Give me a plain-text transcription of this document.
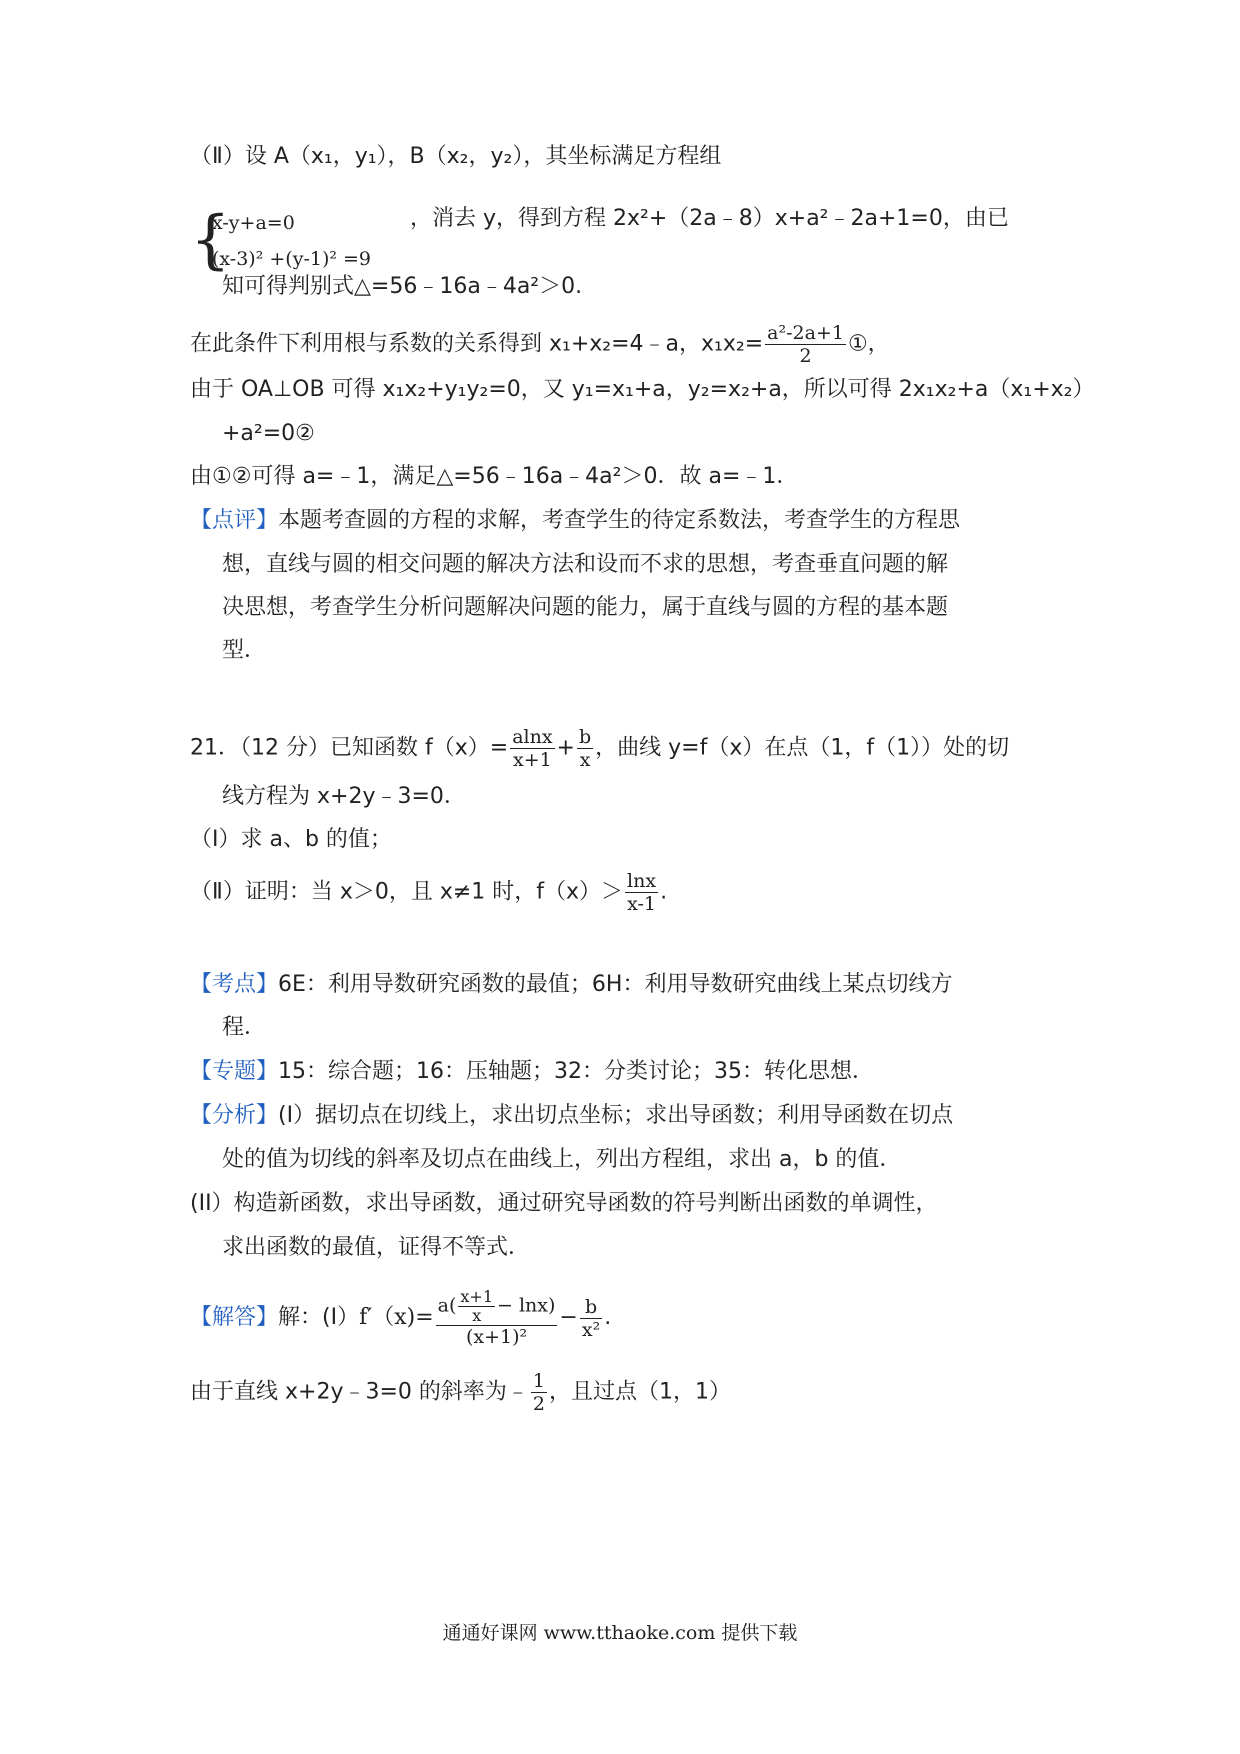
（Ⅱ）设 A（x₁，y₁），B（x₂，y₂），其坐标满足方程组
{
x-y+a=0
(x-3)² +(y-1)² =9
，消去 y，得到方程 2x²+（2a﹣8）x+a²﹣2a+1=0，由已
知可得判别式△=56﹣16a﹣4a²＞0.
在此条件下利用根与系数的关系得到 x₁+x₂=4﹣a，$x_1x_2= \frac{\text{a²-2a+1}}{2}$ ①，
由于 OA⊥OB 可得 x₁x₂+y₁y₂=0，又 y₁=x₁+a，y₂=x₂+a，所以可得 2x₁x₂+a（x₁+x₂）
+a²=0②
由①②可得 a=﹣1，满足△=56﹣16a﹣4a²＞0．故 a=﹣1．
【点评】本题考查圆的方程的求解，考查学生的待定系数法，考查学生的方程思
想，直线与圆的相交问题的解决方法和设而不求的思想，考查垂直问题的解
决思想，考查学生分析问题解决问题的能力，属于直线与圆的方程的基本题
型．
21．（12 分）已知函数 $f(x)= \frac{alnx}{x+1} + \frac{b}{x}$ ，曲线 y=f（x）在点（1，f（1））处的切
线方程为 x+2y﹣3=0．
（Ⅰ）求 a、b 的值；
（Ⅱ）证明：当 x＞0，且 x≠1 时，$f(x)> \frac{\ln x}{x-1}$ .
【考点】6E：利用导数研究函数的最值；6H：利用导数研究曲线上某点切线方
程．
【专题】15：综合题；16：压轴题；32：分类讨论；35：转化思想．
【分析】(I）据切点在切线上，求出切点坐标；求出导函数；利用导函数在切点
处的值为切线的斜率及切点在曲线上，列出方程组，求出 a，b 的值．
(II）构造新函数，求出导函数，通过研究导函数的符号判断出函数的单调性，
求出函数的最值，证得不等式．
【解答】解：$(I)f'(x)= \frac{a( \frac{x+1}{x} - \ln x)}{\text{(x+1)²}} - \frac{b}{\text{x²}}$ .
由于直线 x+2y﹣3=0 的斜率为﹣ $\frac{1}{2}$ ，且过点（1，1）
通通好课网 www.tthaoke.com 提供下载
